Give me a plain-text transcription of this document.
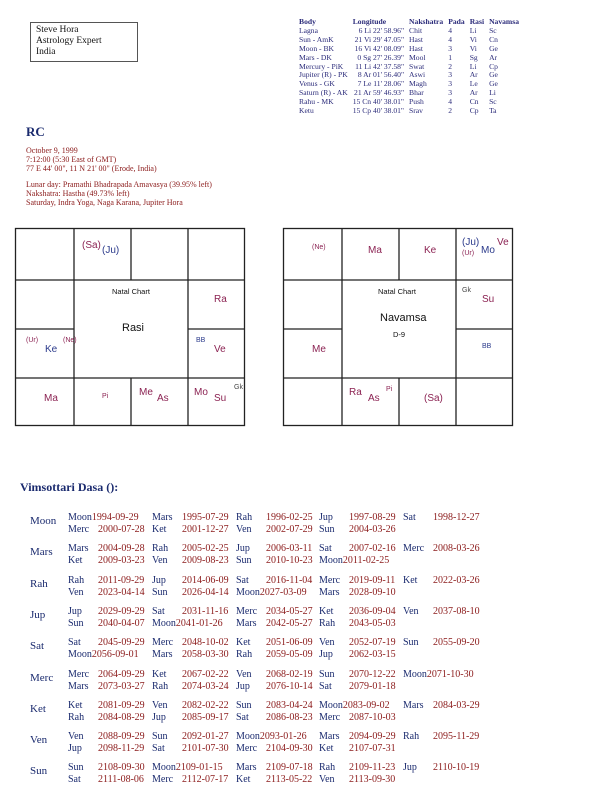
Steve Hora
Astrology Expert
India
Body	Longitude	Nakshatra	Pada	Rasi	Navamsa
Lagna	6 Li 22' 58.96"	Chit	4	Li	Sc
Sun - AmK	21 Vi 29' 47.05"	Hast	4	Vi	Cn
Moon - BK	16 Vi 42' 08.09"	Hast	3	Vi	Ge
Mars - DK	0 Sg 27' 26.39"	Mool	1	Sg	Ar
Mercury - PiK	11 Li 42' 37.58"	Swat	2	Li	Cp
Jupiter (R) - PK	8 Ar 01' 56.40"	Aswi	3	Ar	Ge
Venus - GK	7 Le 11' 28.06"	Magh	3	Le	Ge
Saturn (R) - AK	21 Ar 59' 46.93"	Bhar	3	Ar	Li
Rahu - MK	15 Cn 40' 38.01"	Push	4	Cn	Sc
Ketu	15 Cp 40' 38.01"	Srav	2	Cp	Ta
RC
October 9, 1999
7:12:00 (5:30 East of GMT)
77 E 44' 00", 11 N 21' 00" (Erode, India)
Lunar day: Pramathi Bhadrapada Amavasya (39.95% left)
Nakshatra: Hastha (49.73% left)
Saturday, Indra Yoga, Naga Karana, Jupiter Hora
(Sa) (Ju)
Ra
(Ur)
Ke
(Ne)	BB
Ve
Natal Chart
Rasi
Ma	Pi	Me
As
Mo
Su
Gk
(Ne)	Ma	Ke
(Ju)
(Ur) Mo
Ve
Gk
Su
Natal Chart
Navamsa
D-9
BB
Me
Ra
As
Pi
(Sa)
Vimsottari Dasa ():
Moon Moon1994-09-29 Mars 1995-07-29 Rah 1996-02-25 Jup 1997-08-29 Sat 1998-12-27
Merc 2000-07-28 Ket 2001-12-27 Ven 2002-07-29 Sun 2004-03-26
Mars Mars 2004-09-28 Rah 2005-02-25 Jup 2006-03-11 Sat 2007-02-16 Merc 2008-03-26
Ket 2009-03-23 Ven 2009-08-23 Sun 2010-10-23 Moon2011-02-25
Rah Rah 2011-09-29 Jup 2014-06-09 Sat 2016-11-04 Merc 2019-09-11 Ket 2022-03-26
Ven 2023-04-14 Sun 2026-04-14 Moon2027-03-09 Mars 2028-09-10
Jup Jup 2029-09-29 Sat 2031-11-16 Merc 2034-05-27 Ket 2036-09-04 Ven 2037-08-10
Sun 2040-04-07 Moon2041-01-26 Mars 2042-05-27 Rah 2043-05-03
Sat Sat 2045-09-29 Merc 2048-10-02 Ket 2051-06-09 Ven 2052-07-19 Sun 2055-09-20
Moon2056-09-01 Mars 2058-03-30 Rah 2059-05-09 Jup 2062-03-15
Merc Merc 2064-09-29 Ket 2067-02-22 Ven 2068-02-19 Sun 2070-12-22 Moon2071-10-30
Mars 2073-03-27 Rah 2074-03-24 Jup 2076-10-14 Sat 2079-01-18
Ket Ket 2081-09-29 Ven 2082-02-22 Sun 2083-04-24 Moon2083-09-02 Mars 2084-03-29
Rah 2084-08-29 Jup 2085-09-17 Sat 2086-08-23 Merc 2087-10-03
Ven Ven 2088-09-29 Sun 2092-01-27 Moon2093-01-26 Mars 2094-09-29 Rah 2095-11-29
Jup 2098-11-29 Sat 2101-07-30 Merc 2104-09-30 Ket 2107-07-31
Sun Sun 2108-09-30 Moon2109-01-15 Mars 2109-07-18 Rah 2109-11-23 Jup 2110-10-19
Sat 2111-08-06 Merc 2112-07-17 Ket 2113-05-22 Ven 2113-09-30
